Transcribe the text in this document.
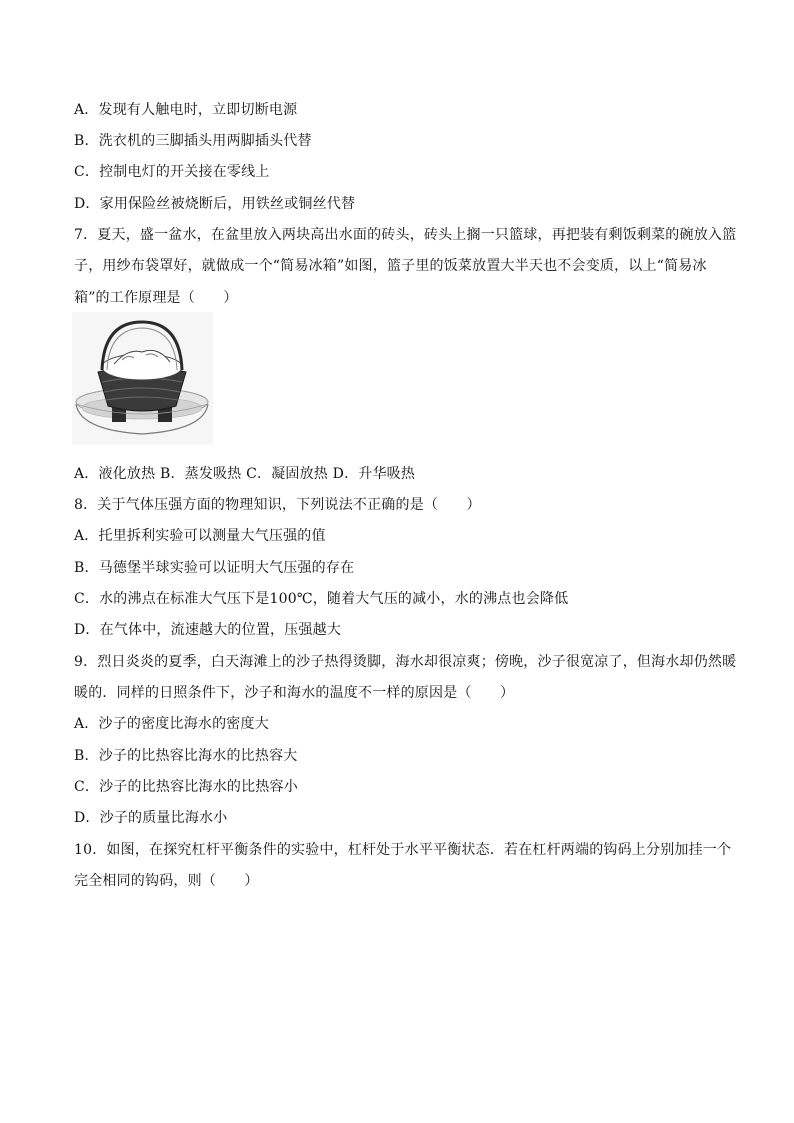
A．发现有人触电时，立即切断电源
B．洗衣机的三脚插头用两脚插头代替
C．控制电灯的开关接在零线上
D．家用保险丝被烧断后，用铁丝或铜丝代替
7．夏天，盛一盆水，在盆里放入两块高出水面的砖头，砖头上搁一只篮球，再把装有剩饭剩菜的碗放入篮
子，用纱布袋罩好，就做成一个“简易冰箱”如图，篮子里的饭菜放置大半天也不会变质，以上“简易冰
箱”的工作原理是（　　）
A．液化放热 B．蒸发吸热 C．凝固放热 D．升华吸热
8．关于气体压强方面的物理知识，下列说法不正确的是（　　）
A．托里拆利实验可以测量大气压强的值
B．马德堡半球实验可以证明大气压强的存在
C．水的沸点在标准大气压下是100℃，随着大气压的减小，水的沸点也会降低
D．在气体中，流速越大的位置，压强越大
9．烈日炎炎的夏季，白天海滩上的沙子热得烫脚，海水却很凉爽；傍晚，沙子很宽凉了，但海水却仍然暖
暖的．同样的日照条件下，沙子和海水的温度不一样的原因是（　　）
A．沙子的密度比海水的密度大
B．沙子的比热容比海水的比热容大
C．沙子的比热容比海水的比热容小
D．沙子的质量比海水小
10．如图，在探究杠杆平衡条件的实验中，杠杆处于水平平衡状态．若在杠杆两端的钩码上分别加挂一个
完全相同的钩码，则（　　）
